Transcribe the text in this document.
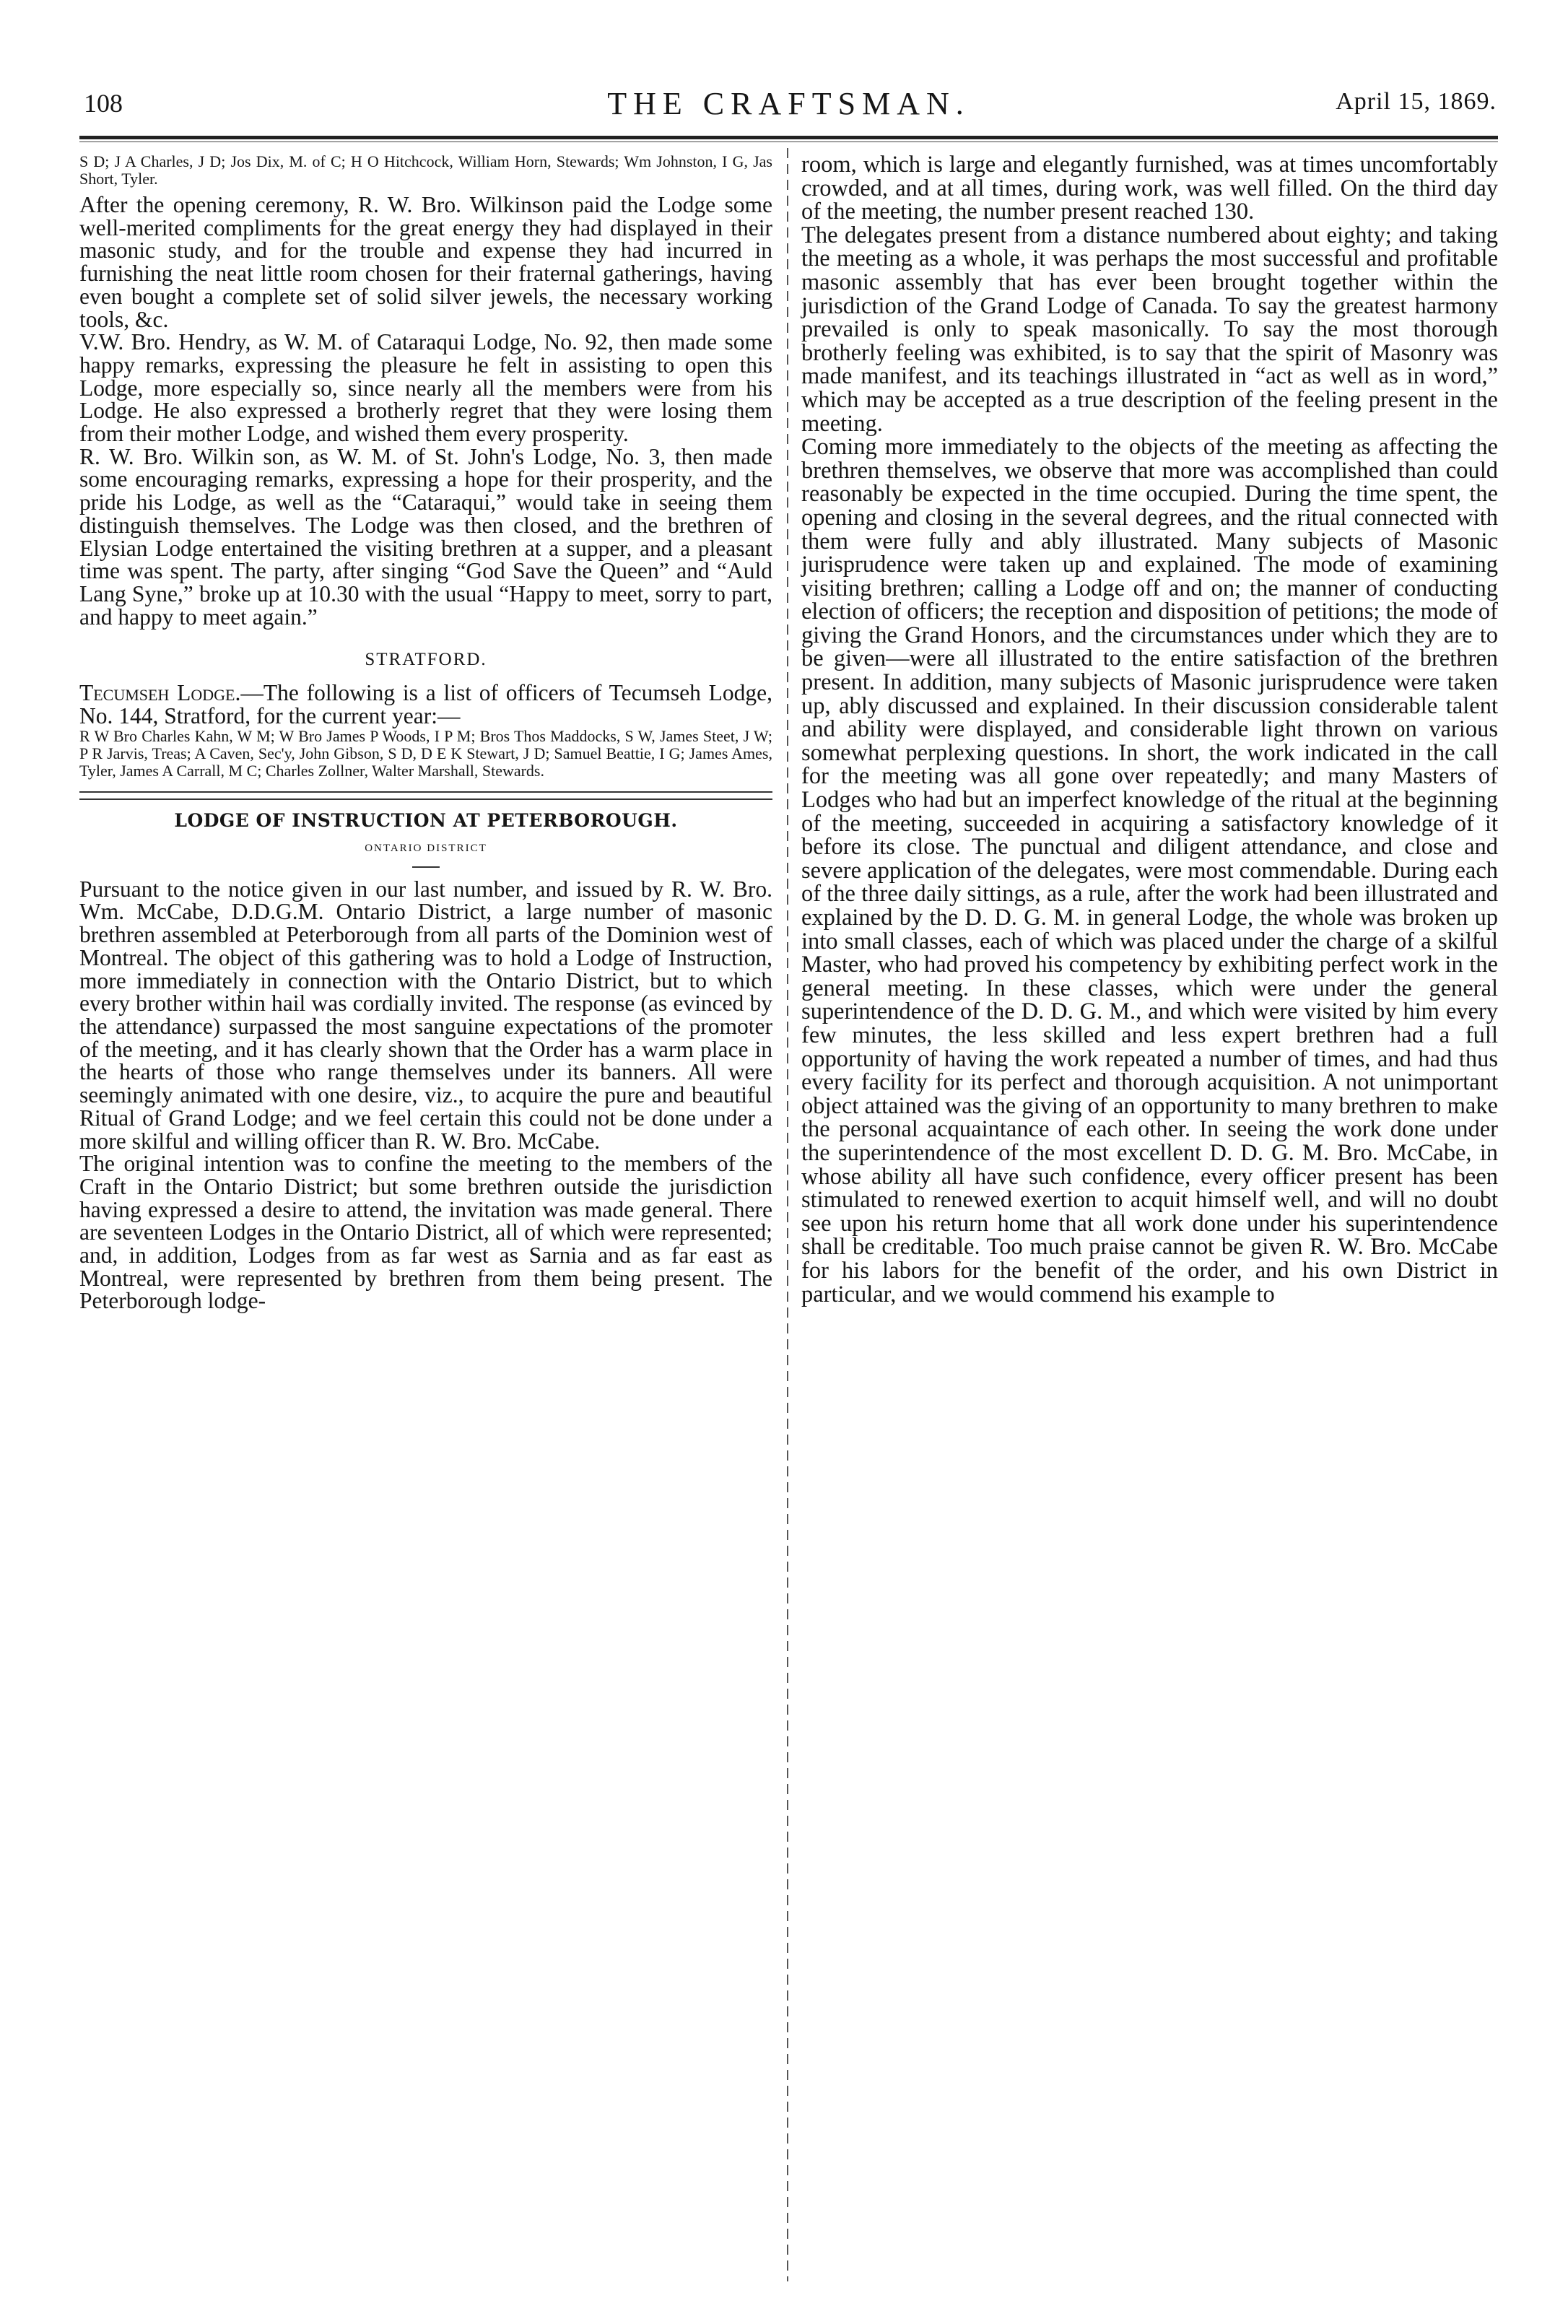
108	THE CRAFTSMAN.	April 15, 1869.

S D; J A Charles, J D; Jos Dix, M. of C; H O Hitchcock, William Horn, Stewards; Wm Johnston, I G, Jas Short, Tyler.

After the opening ceremony, R. W. Bro. Wilkinson paid the Lodge some well-merited compliments for the great energy they had displayed in their masonic study, and for the trouble and expense they had incurred in furnishing the neat little room chosen for their fraternal gatherings, having even bought a complete set of solid silver jewels, the necessary working tools, &c.

V.W. Bro. Hendry, as W. M. of Cataraqui Lodge, No. 92, then made some happy remarks, expressing the pleasure he felt in assisting to open this Lodge, more especially so, since nearly all the members were from his Lodge. He also expressed a brotherly regret that they were losing them from their mother Lodge, and wished them every prosperity.

R. W. Bro. Wilkin son, as W. M. of St. John's Lodge, No. 3, then made some encouraging remarks, expressing a hope for their prosperity, and the pride his Lodge, as well as the “Cataraqui,” would take in seeing them distinguish themselves. The Lodge was then closed, and the brethren of Elysian Lodge entertained the visiting brethren at a supper, and a pleasant time was spent. The party, after singing “God Save the Queen” and “Auld Lang Syne,” broke up at 10.30 with the usual “Happy to meet, sorry to part, and happy to meet again.”

STRATFORD.

Tecumseh Lodge.—The following is a list of officers of Tecumseh Lodge, No. 144, Stratford, for the current year:—

R W Bro Charles Kahn, W M; W Bro James P Woods, I P M; Bros Thos Maddocks, S W, James Steet, J W; P R Jarvis, Treas; A Caven, Sec'y, John Gibson, S D, D E K Stewart, J D; Samuel Beattie, I G; James Ames, Tyler, James A Carrall, M C; Charles Zollner, Walter Marshall, Stewards.

LODGE OF INSTRUCTION AT PETERBOROUGH.

ONTARIO DISTRICT

Pursuant to the notice given in our last number, and issued by R. W. Bro. Wm. McCabe, D.D.G.M. Ontario District, a large number of masonic brethren assembled at Peterborough from all parts of the Dominion west of Montreal. The object of this gathering was to hold a Lodge of Instruction, more immediately in connection with the Ontario District, but to which every brother within hail was cordially invited. The response (as evinced by the attendance) surpassed the most sanguine expectations of the promoter of the meeting, and it has clearly shown that the Order has a warm place in the hearts of those who range themselves under its banners. All were seemingly animated with one desire, viz., to acquire the pure and beautiful Ritual of Grand Lodge; and we feel certain this could not be done under a more skilful and willing officer than R. W. Bro. McCabe.

The original intention was to confine the meeting to the members of the Craft in the Ontario District; but some brethren outside the jurisdiction having expressed a desire to attend, the invitation was made general. There are seventeen Lodges in the Ontario District, all of which were represented; and, in addition, Lodges from as far west as Sarnia and as far east as Montreal, were represented by brethren from them being present. The Peterborough lodge-

room, which is large and elegantly furnished, was at times uncomfortably crowded, and at all times, during work, was well filled. On the third day of the meeting, the number present reached 130.

The delegates present from a distance numbered about eighty; and taking the meeting as a whole, it was perhaps the most successful and profitable masonic assembly that has ever been brought together within the jurisdiction of the Grand Lodge of Canada. To say the greatest harmony prevailed is only to speak masonically. To say the most thorough brotherly feeling was exhibited, is to say that the spirit of Masonry was made manifest, and its teachings illustrated in “act as well as in word,” which may be accepted as a true description of the feeling present in the meeting.

Coming more immediately to the objects of the meeting as affecting the brethren themselves, we observe that more was accomplished than could reasonably be expected in the time occupied. During the time spent, the opening and closing in the several degrees, and the ritual connected with them were fully and ably illustrated. Many subjects of Masonic jurisprudence were taken up and explained. The mode of examining visiting brethren; calling a Lodge off and on; the manner of conducting election of officers; the reception and disposition of petitions; the mode of giving the Grand Honors, and the circumstances under which they are to be given—were all illustrated to the entire satisfaction of the brethren present. In addition, many subjects of Masonic jurisprudence were taken up, ably discussed and explained. In their discussion considerable talent and ability were displayed, and considerable light thrown on various somewhat perplexing questions. In short, the work indicated in the call for the meeting was all gone over repeatedly; and many Masters of Lodges who had but an imperfect knowledge of the ritual at the beginning of the meeting, succeeded in acquiring a satisfactory knowledge of it before its close. The punctual and diligent attendance, and close and severe application of the delegates, were most commendable. During each of the three daily sittings, as a rule, after the work had been illustrated and explained by the D. D. G. M. in general Lodge, the whole was broken up into small classes, each of which was placed under the charge of a skilful Master, who had proved his competency by exhibiting perfect work in the general meeting. In these classes, which were under the general superintendence of the D. D. G. M., and which were visited by him every few minutes, the less skilled and less expert brethren had a full opportunity of having the work repeated a number of times, and had thus every facility for its perfect and thorough acquisition. A not unimportant object attained was the giving of an opportunity to many brethren to make the personal acquaintance of each other. In seeing the work done under the superintendence of the most excellent D. D. G. M. Bro. McCabe, in whose ability all have such confidence, every officer present has been stimulated to renewed exertion to acquit himself well, and will no doubt see upon his return home that all work done under his superintendence shall be creditable. Too much praise cannot be given R. W. Bro. McCabe for his labors for the benefit of the order, and his own District in particular, and we would commend his example to
